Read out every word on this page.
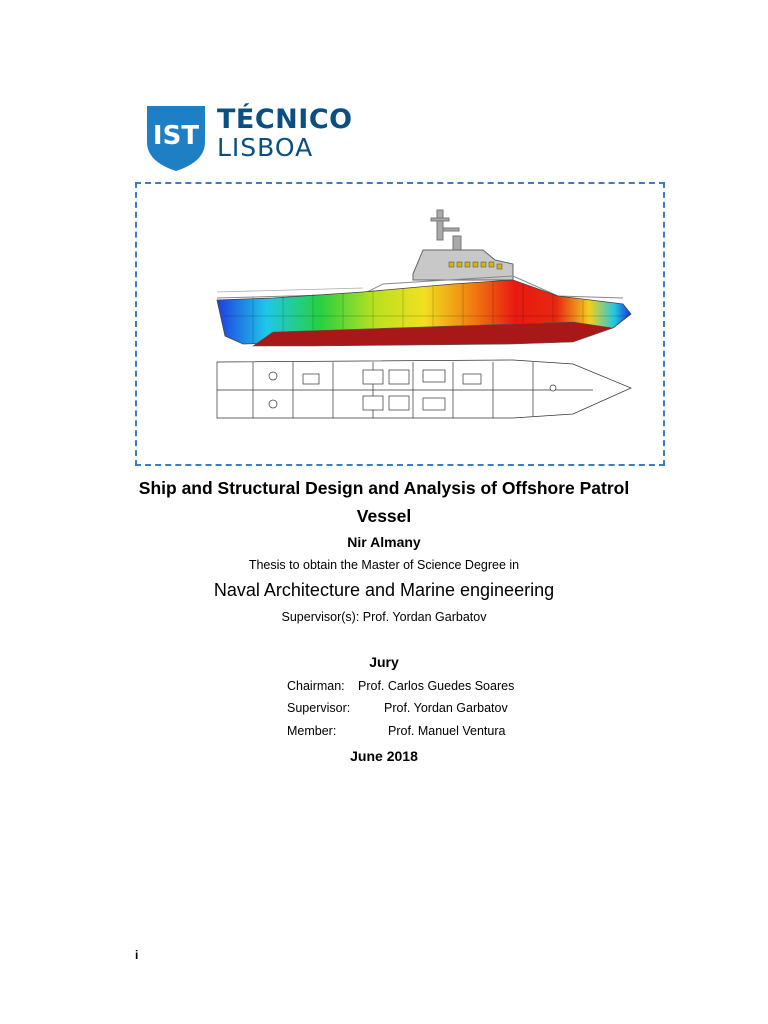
IST
TÉCNICO
LISBOA
Ship and Structural Design and Analysis of Offshore Patrol Vessel
Nir Almany
Thesis to obtain the Master of Science Degree in
Naval Architecture and Marine engineering
Supervisor(s): Prof. Yordan Garbatov
Jury
Chairman: Prof. Carlos Guedes Soares
Supervisor:	Prof. Yordan Garbatov
Member:	Prof. Manuel Ventura
June 2018
i
